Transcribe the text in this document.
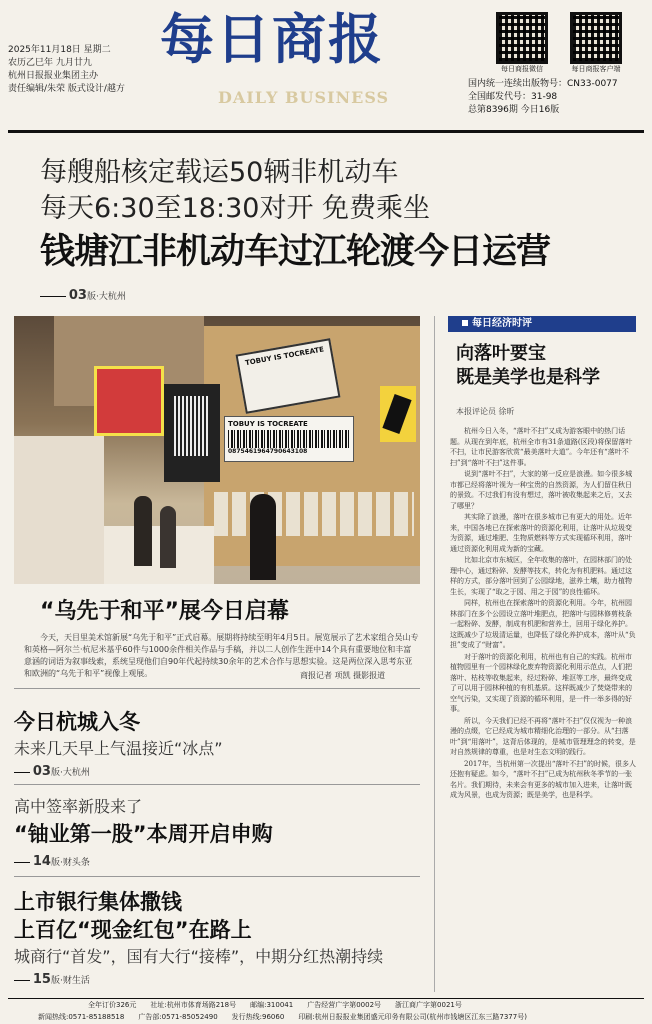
2025年11月18日 星期二
农历乙巳年 九月廿九
杭州日报报业集团主办
责任编辑/朱荣 版式设计/越方
每日商报
DAILY BUSINESS
每日商报微信	每日商报客户端
国内统一连续出版物号：CN33-0077
全国邮发代号：31-98
总第8396期 今日16版
每艘船核定载运50辆非机动车
每天6:30至18:30对开 免费乘坐
钱塘江非机动车过江轮渡今日运营
03版·大杭州
TOBUY IS TOCREATE
TOBUY IS TOCREATE
0875461964790643108
“乌先于和平”展今日启幕
今天，天目里美术馆新展“乌先于和平”正式启幕。展期将持续至明年4月5日。展览展示了艺术家组合吴山专和英格—阿尔兰·杭尼米基乎60件与1000余件相关作品与手稿，并以二人创作生涯中14个具有重要地位和丰富意涵的词语为叙事线索，系统呈现他们自90年代起持续30余年的艺术合作与思想实验。这是两位深入思考东亚和欧洲的“乌先于和平”视像上观展。	商报记者 项凯 摄影报道
今日杭城入冬
未来几天早上气温接近“冰点”
03版·大杭州
高中签率新股来了
“铀业第一股”本周开启申购
14版·财头条
上市银行集体撒钱
上百亿“现金红包”在路上
城商行“首发”，国有大行“接棒”，中期分红热潮持续
15版·财生活
每日经济时评
向落叶要宝
既是美学也是科学
本报评论员 徐昕

杭州今日入冬，“落叶不扫”又成为游客眼中的热门话题。从现在到年底，杭州全市有31条道路(区段)将保留落叶不扫，让市民游客欣赏“最美落叶大道”。今年还有“落叶不扫”到“落叶不扫”这件事。

说到“落叶不扫”，大家的第一反应是浪漫。如今很多城市都已经将落叶视为一种宝贵的自然资源，为人们留住秋日的景致。不过我们有没有想过，落叶被收集起来之后，又去了哪里？

其实除了浪漫，落叶在很多城市已有更大的用处。近年来，中国各地已在探索落叶的资源化利用，让落叶从垃圾变为资源，通过堆肥、生物质燃料等方式实现循环利用，落叶通过资源化利用成为新的宝藏。

比如北京市东城区，全年收集的落叶，在园林部门的处理中心，通过粉碎、发酵等技术，转化为有机肥料。通过这样的方式，部分落叶回到了公园绿地，滋养土壤，助力植物生长，实现了“取之于园、用之于园”的良性循环。

同样，杭州也在探索落叶的资源化利用。今年，杭州园林部门在多个公园设立落叶堆肥点，把落叶与园林修剪枝条一起粉碎、发酵，制成有机肥和营养土，回用于绿化养护。这既减少了垃圾清运量，也降低了绿化养护成本，落叶从“负担”变成了“财富”。

对于落叶的资源化利用，杭州也有自己的实践。杭州市植物园里有一个园林绿化废弃物资源化利用示范点，人们把落叶、枯枝等收集起来，经过粉碎、堆沤等工序，最终变成了可以用于园林种植的有机基质。这样既减少了焚烧带来的空气污染，又实现了资源的循环利用，是一件一举多得的好事。

所以，今天我们已经不再将“落叶不扫”仅仅视为一种浪漫的点缀，它已经成为城市精细化治理的一部分。从“扫落叶”到“用落叶”，这背后体现的，是城市管理理念的转变，是对自然规律的尊重，也是对生态文明的践行。

2017年，当杭州第一次提出“落叶不扫”的时候，很多人还抱有疑虑。如今，“落叶不扫”已成为杭州秋冬季节的一张名片。我们期待，未来会有更多的城市加入进来，让落叶既成为风景，也成为资源；既是美学，也是科学。

全年订价326元 社址:杭州市体育场路218号 邮编:310041 广告经营广字第0002号 浙江商广字第0021号
新闻热线:0571-85188518 广告部:0571-85052490 发行热线:96060 印刷:杭州日报报业集团盛元印务有限公司(杭州市钱塘区江东三路7377号)
